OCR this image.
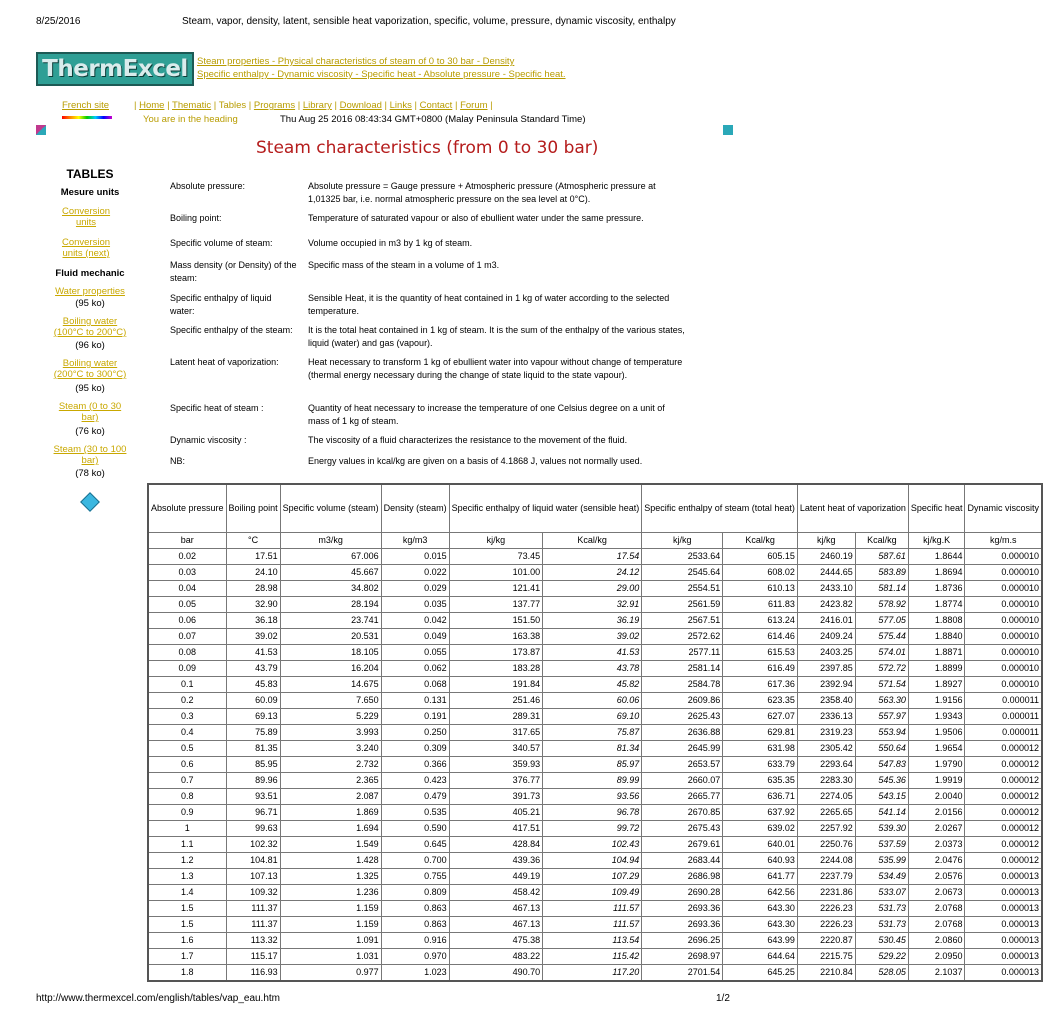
8/25/2016	Steam, vapor, density, latent, sensible heat vaporization, specific, volume, pressure, dynamic viscosity, enthalpy
ThermExcel Steam properties - Physical characteristics of steam of 0 to 30 bar - Density
Specific enthalpy - Dynamic viscosity - Specific heat - Absolute pressure - Specific heat.
French site	| Home | Thematic | Tables | Programs | Library | Download | Links | Contact | Forum |
You are in the heading	Thu Aug 25 2016 08:43:34 GMT+0800 (Malay Peninsula Standard Time)
Steam characteristics (from 0 to 30 bar)
TABLES
Mesure units
Conversion units
Conversion units (next)
Fluid mechanic
Water properties
(95 ko)
Boiling water (100°C to 200°C)
(96 ko)
Boiling water (200°C to 300°C)
(95 ko)
Steam (0 to 30 bar)
(76 ko)
Steam (30 to 100 bar)
(78 ko)
Absolute pressure:	Absolute pressure = Gauge pressure + Atmospheric pressure (Atmospheric pressure at 1,01325 bar, i.e. normal atmospheric pressure on the sea level at 0°C).
Boiling point:	Temperature of saturated vapour or also of ebullient water under the same pressure.
Specific volume of steam:	Volume occupied in m3 by 1 kg of steam.
Mass density (or Density) of the steam:
Specific mass of the steam in a volume of 1 m3.
Specific enthalpy of liquid water:
Sensible Heat, it is the quantity of heat contained in 1 kg of water according to the selected temperature.
Specific enthalpy of the steam:	It is the total heat contained in 1 kg of steam. It is the sum of the enthalpy of the various states, liquid (water) and gas (vapour).
Latent heat of vaporization:	Heat necessary to transform 1 kg of ebullient water into vapour without change of temperature (thermal energy necessary during the change of state liquid to the state vapour).
Specific heat of steam :	Quantity of heat necessary to increase the temperature of one Celsius degree on a unit of mass of 1 kg of steam.
Dynamic viscosity :	The viscosity of a fluid characterizes the resistance to the movement of the fluid.
NB:	Energy values in kcal/kg are given on a basis of 4.1868 J, values not normally used.
Absolute pressure	Boiling point	Specific volume (steam)	Density (steam)	Specific enthalpy of liquid water (sensible heat)		Specific enthalpy of steam (total heat)		Latent heat of vaporization		Specific heat	Dynamic viscosity
bar	°C	m3/kg	kg/m3	kj/kg	Kcal/kg	kj/kg	Kcal/kg	kj/kg	Kcal/kg	kj/kg.K	kg/m.s
0.02	17.51	67.006	0.015	73.45	17.54	2533.64	605.15	2460.19	587.61	1.8644	0.000010
0.03	24.10	45.667	0.022	101.00	24.12	2545.64	608.02	2444.65	583.89	1.8694	0.000010
0.04	28.98	34.802	0.029	121.41	29.00	2554.51	610.13	2433.10	581.14	1.8736	0.000010
0.05	32.90	28.194	0.035	137.77	32.91	2561.59	611.83	2423.82	578.92	1.8774	0.000010
0.06	36.18	23.741	0.042	151.50	36.19	2567.51	613.24	2416.01	577.05	1.8808	0.000010
0.07	39.02	20.531	0.049	163.38	39.02	2572.62	614.46	2409.24	575.44	1.8840	0.000010
0.08	41.53	18.105	0.055	173.87	41.53	2577.11	615.53	2403.25	574.01	1.8871	0.000010
0.09	43.79	16.204	0.062	183.28	43.78	2581.14	616.49	2397.85	572.72	1.8899	0.000010
0.1	45.83	14.675	0.068	191.84	45.82	2584.78	617.36	2392.94	571.54	1.8927	0.000010
0.2	60.09	7.650	0.131	251.46	60.06	2609.86	623.35	2358.40	563.30	1.9156	0.000011
0.3	69.13	5.229	0.191	289.31	69.10	2625.43	627.07	2336.13	557.97	1.9343	0.000011
0.4	75.89	3.993	0.250	317.65	75.87	2636.88	629.81	2319.23	553.94	1.9506	0.000011
0.5	81.35	3.240	0.309	340.57	81.34	2645.99	631.98	2305.42	550.64	1.9654	0.000012
0.6	85.95	2.732	0.366	359.93	85.97	2653.57	633.79	2293.64	547.83	1.9790	0.000012
0.7	89.96	2.365	0.423	376.77	89.99	2660.07	635.35	2283.30	545.36	1.9919	0.000012
0.8	93.51	2.087	0.479	391.73	93.56	2665.77	636.71	2274.05	543.15	2.0040	0.000012
0.9	96.71	1.869	0.535	405.21	96.78	2670.85	637.92	2265.65	541.14	2.0156	0.000012
1	99.63	1.694	0.590	417.51	99.72	2675.43	639.02	2257.92	539.30	2.0267	0.000012
1.1	102.32	1.549	0.645	428.84	102.43	2679.61	640.01	2250.76	537.59	2.0373	0.000012
1.2	104.81	1.428	0.700	439.36	104.94	2683.44	640.93	2244.08	535.99	2.0476	0.000012
1.3	107.13	1.325	0.755	449.19	107.29	2686.98	641.77	2237.79	534.49	2.0576	0.000013
1.4	109.32	1.236	0.809	458.42	109.49	2690.28	642.56	2231.86	533.07	2.0673	0.000013
1.5	111.37	1.159	0.863	467.13	111.57	2693.36	643.30	2226.23	531.73	2.0768	0.000013
1.5	111.37	1.159	0.863	467.13	111.57	2693.36	643.30	2226.23	531.73	2.0768	0.000013
1.6	113.32	1.091	0.916	475.38	113.54	2696.25	643.99	2220.87	530.45	2.0860	0.000013
1.7	115.17	1.031	0.970	483.22	115.42	2698.97	644.64	2215.75	529.22	2.0950	0.000013
1.8	116.93	0.977	1.023	490.70	117.20	2701.54	645.25	2210.84	528.05	2.1037	0.000013
http://www.thermexcel.com/english/tables/vap_eau.htm	1/2
